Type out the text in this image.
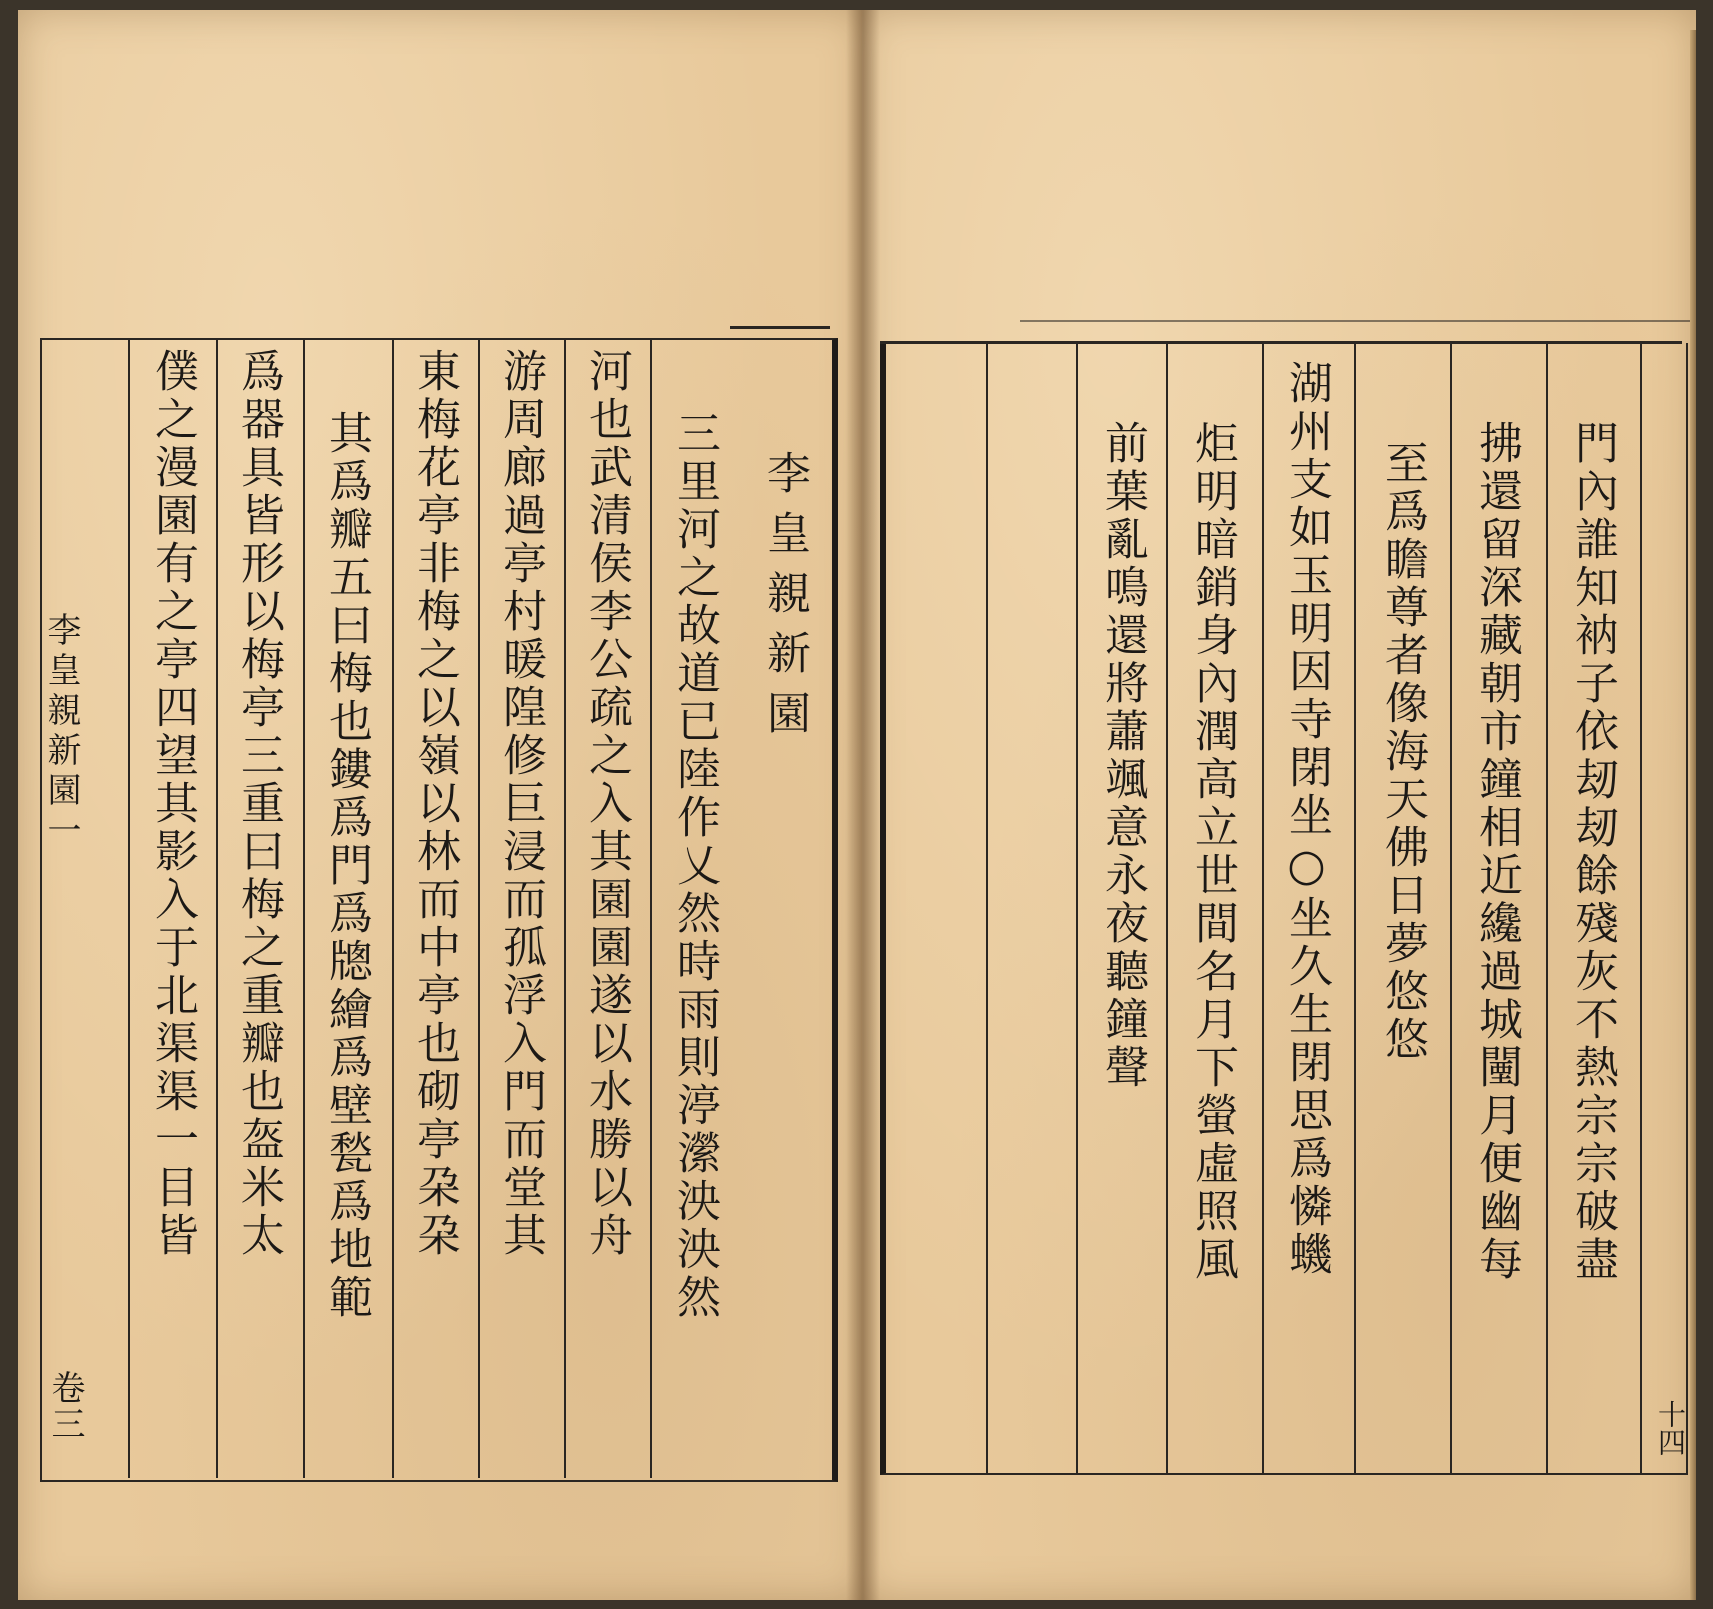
李皇親新園一
卷三
李皇親新園
三里河之故道已陸作乂然時雨則渟瀠泱泱然
河也武清侯李公疏之入其園園遂以水勝以舟
游周廊過亭村暖隍修巨浸而孤浮入門而堂其
東梅花亭非梅之以嶺以林而中亭也砌亭朶朶
其爲瓣五曰梅也鏤爲門爲牕繪爲壁甃爲地範
爲器具皆形以梅亭三重曰梅之重瓣也盔米太
僕之漫園有之亭四望其影入于北渠渠一目皆	門內誰知衲子依刼刼餘殘灰不熱宗宗破盡
拂還留深藏朝市鐘相近纔過城闉月便幽每
至爲瞻尊者像海天佛日夢悠悠
湖州支如玉明因寺閉坐○坐久生閉思爲憐蟣
炬明暗銷身內潤高立世間名月下螢虛照風
前葉亂鳴還將蕭颯意永夜聽鐘聲
十四
